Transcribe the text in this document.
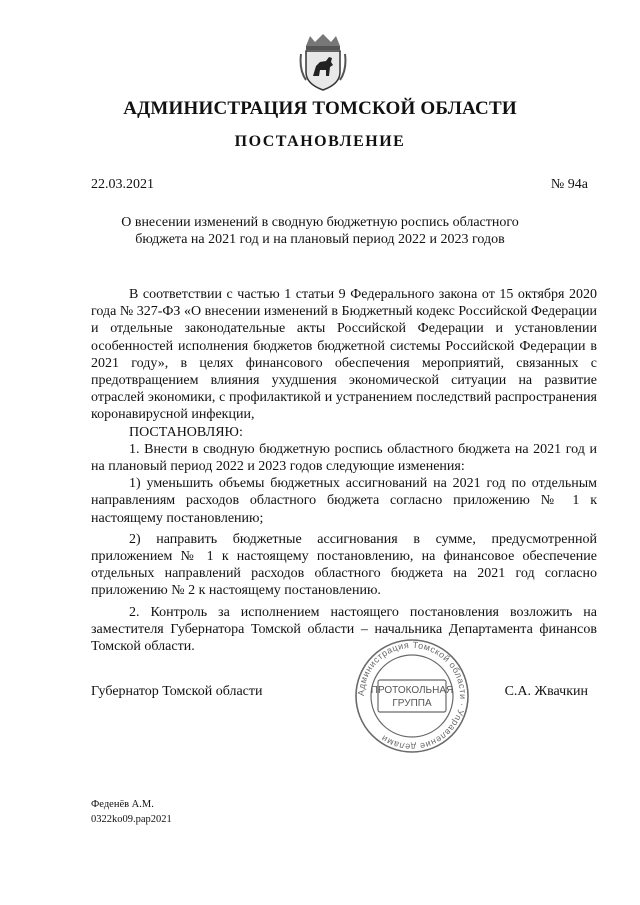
АДМИНИСТРАЦИЯ ТОМСКОЙ ОБЛАСТИ
ПОСТАНОВЛЕНИЕ
22.03.2021	№ 94а
О внесении изменений в сводную бюджетную роспись областного
бюджета на 2021 год и на плановый период 2022 и 2023 годов

В соответствии с частью 1 статьи 9 Федерального закона от 15 октября 2020 года № 327-ФЗ «О внесении изменений в Бюджетный кодекс Российской Федерации и отдельные законодательные акты Российской Федерации и установлении особенностей исполнения бюджетов бюджетной системы Российской Федерации в 2021 году», в целях финансового обеспечения мероприятий, связанных с предотвращением влияния ухудшения экономической ситуации на развитие отраслей экономики, с профилактикой и устранением последствий распространения коронавирусной инфекции,

ПОСТАНОВЛЯЮ:

1. Внести в сводную бюджетную роспись областного бюджета на 2021 год и на плановый период 2022 и 2023 годов следующие изменения:

1) уменьшить объемы бюджетных ассигнований на 2021 год по отдельным направлениям расходов областного бюджета согласно приложению № 1 к настоящему постановлению;

2) направить бюджетные ассигнования в сумме, предусмотренной приложением № 1 к настоящему постановлению, на финансовое обеспечение отдельных направлений расходов областного бюджета на 2021 год согласно приложению № 2 к настоящему постановлению.

2. Контроль за исполнением настоящего постановления возложить на заместителя Губернатора Томской области – начальника Департамента финансов Томской области.

Губернатор Томской области	Администрация Томской области · Управление делами
ПРОТОКОЛЬНАЯ
ГРУППА
С.А. Жвачкин
Феденёв А.М.
0322ko09.pap2021
